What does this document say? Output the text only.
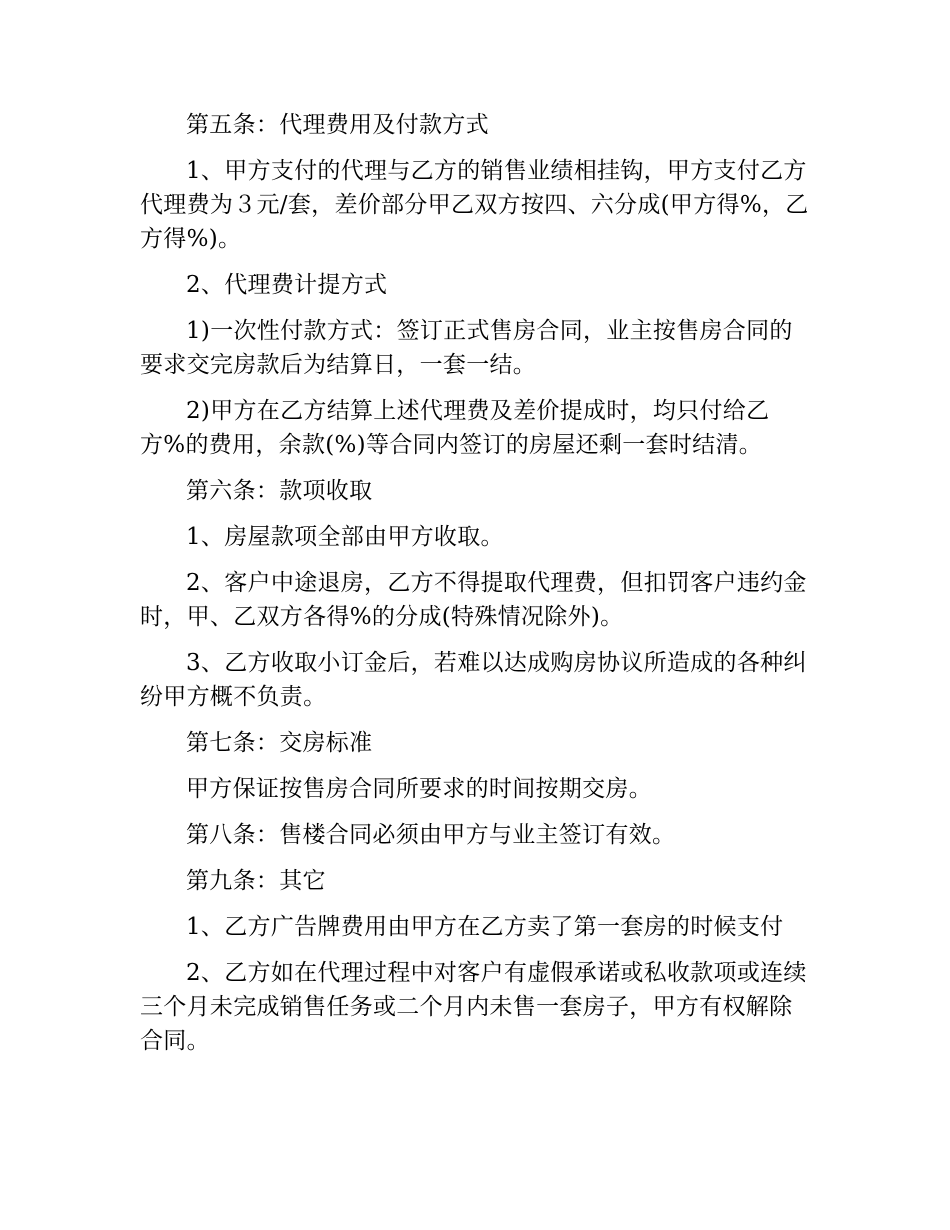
第五条：代理费用及付款方式

1、甲方支付的代理与乙方的销售业绩相挂钩，甲方支付乙方代理费为３元/套，差价部分甲乙双方按四、六分成(甲方得%，乙方得%)。

2、代理费计提方式

1)一次性付款方式：签订正式售房合同，业主按售房合同的要求交完房款后为结算日，一套一结。

2)甲方在乙方结算上述代理费及差价提成时，均只付给乙方%的费用，余款(%)等合同内签订的房屋还剩一套时结清。

第六条：款项收取

1、房屋款项全部由甲方收取。

2、客户中途退房，乙方不得提取代理费，但扣罚客户违约金时，甲、乙双方各得%的分成(特殊情况除外)。

3、乙方收取小订金后，若难以达成购房协议所造成的各种纠纷甲方概不负责。

第七条：交房标准

甲方保证按售房合同所要求的时间按期交房。

第八条：售楼合同必须由甲方与业主签订有效。

第九条：其它

1、乙方广告牌费用由甲方在乙方卖了第一套房的时候支付

2、乙方如在代理过程中对客户有虚假承诺或私收款项或连续三个月未完成销售任务或二个月内未售一套房子，甲方有权解除合同。
